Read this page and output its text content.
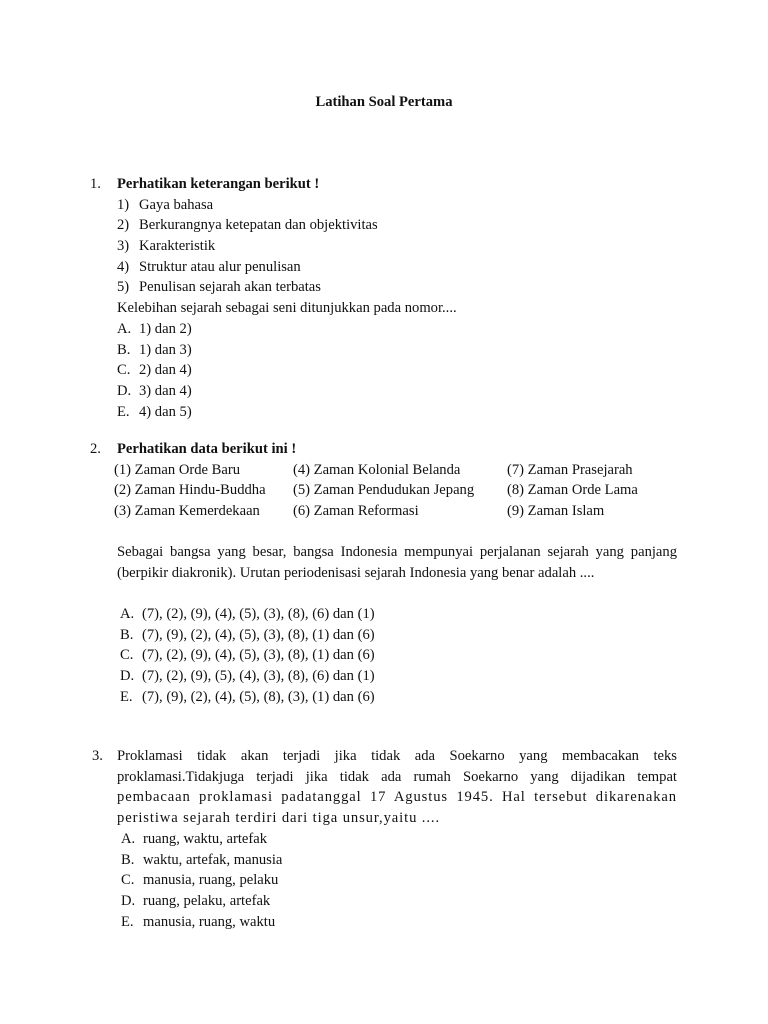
Latihan Soal Pertama
1. Perhatikan keterangan berikut !
1) Gaya bahasa
2) Berkurangnya ketepatan dan objektivitas
3) Karakteristik
4) Struktur atau alur penulisan
5) Penulisan sejarah akan terbatas
Kelebihan sejarah sebagai seni ditunjukkan pada nomor....
A. 1) dan 2)
B. 1) dan 3)
C. 2) dan 4)
D. 3) dan 4)
E. 4) dan 5)
2. Perhatikan data berikut ini !
(1) Zaman Orde Baru	(4) Zaman Kolonial Belanda	(7) Zaman Prasejarah
(2) Zaman Hindu-Buddha (5) Zaman Pendudukan Jepang (8) Zaman Orde Lama
(3) Zaman Kemerdekaan (6) Zaman Reformasi	(9) Zaman Islam
Sebagai bangsa yang besar, bangsa Indonesia mempunyai perjalanan sejarah yang panjang
(berpikir diakronik). Urutan periodenisasi sejarah Indonesia yang benar adalah ....
A. (7), (2), (9), (4), (5), (3), (8), (6) dan (1)
B. (7), (9), (2), (4), (5), (3), (8), (1) dan (6)
C. (7), (2), (9), (4), (5), (3), (8), (1) dan (6)
D. (7), (2), (9), (5), (4), (3), (8), (6) dan (1)
E. (7), (9), (2), (4), (5), (8), (3), (1) dan (6)
3. Proklamasi tidak akan terjadi jika tidak ada Soekarno yang membacakan teks
proklamasi.Tidakjuga terjadi jika tidak ada rumah Soekarno yang dijadikan tempat
pembacaan proklamasi padatanggal 17 Agustus 1945. Hal tersebut dikarenakan
peristiwa sejarah terdiri dari tiga unsur,yaitu ....
A. ruang, waktu, artefak
B. waktu, artefak, manusia
C. manusia, ruang, pelaku
D. ruang, pelaku, artefak
E. manusia, ruang, waktu
